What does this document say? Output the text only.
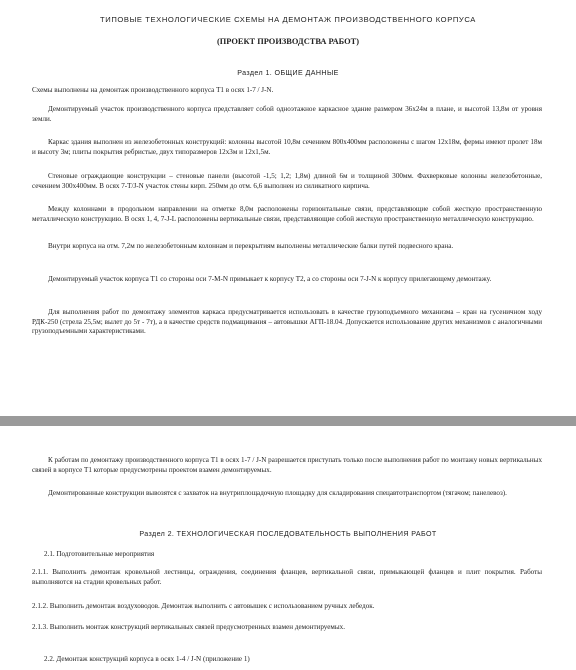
ТИПОВЫЕ ТЕХНОЛОГИЧЕСКИЕ СХЕМЫ НА ДЕМОНТАЖ ПРОИЗВОДСТВЕННОГО КОРПУСА
(ПРОЕКТ ПРОИЗВОДСТВА РАБОТ)
Раздел 1. ОБЩИЕ ДАННЫЕ
Схемы выполнены на демонтаж производственного корпуса Т1 в осях 1-7 / J-N.
Демонтируемый участок производственного корпуса представляет собой одноэтажное каркасное здание размером 36х24м в плане, и высотой 13,8м от уровня земли.
Каркас здания выполнен из железобетонных конструкций: колонны высотой 10,8м сечением 800х400мм расположены с шагом 12х18м, фермы имеют пролет 18м и высоту 3м; плиты покрытия ребристые, двух типоразмеров 12х3м и 12х1,5м.
Стеновые ограждающие конструкции – стеновые панели (высотой -1,5; 1,2; 1,8м) длиной 6м и толщиной 300мм. Фахверковые колонны железобетонные, сечением 300х400мм. В осях 7-Т/J-N участок стены кирп. 250мм до отм. 6,6 выполнен из силикатного кирпича.
Между колоннами в продольном направлении на отметке 8,0м расположены горизонтальные связи, представляющие собой жесткую пространственную металлическую конструкцию. В осях 1, 4, 7-J-L расположены вертикальные связи, представляющие собой жесткую пространственную металлическую конструкцию.
Внутри корпуса на отм. 7,2м по железобетонным колоннам и перекрытиям выполнены металлические балки путей подвесного крана.
Демонтируемый участок корпуса Т1 со стороны оси 7-М-N примыкает к корпусу Т2, а со стороны оси 7-J-N к корпусу прилегающему демонтажу.
Для выполнения работ по демонтажу элементов каркаса предусматривается использовать в качестве грузоподъемного механизма – кран на гусеничном ходу РДК-250 (стрела 25,5м; вылет до 5т - 7т), а в качестве средств подмащивания – автовышки АГП-18.04. Допускается использование других механизмов с аналогичными грузоподъемными характеристиками.
К работам по демонтажу производственного корпуса Т1 в осях 1-7 / J-N разрешается приступать только после выполнения работ по монтажу новых вертикальных связей в корпусе Т1 которые предусмотрены проектом взамен демонтируемых.
Демонтированные конструкции вывозятся с захваток на внутриплощадочную площадку для складирования спецавтотранспортом (тягачом; панелевоз).
Раздел 2. ТЕХНОЛОГИЧЕСКАЯ ПОСЛЕДОВАТЕЛЬНОСТЬ ВЫПОЛНЕНИЯ РАБОТ
2.1. Подготовительные мероприятия
2.1.1. Выполнить демонтаж кровельной лестницы, ограждения, соединения фланцев, вертикальной связи, примыкающей фланцев и плит покрытия. Работы выполняются на стадии кровельных работ.
2.1.2. Выполнить демонтаж воздуховодов. Демонтаж выполнить с автовышек с использованием ручных лебедок.
2.1.3. Выполнить монтаж конструкций вертикальных связей предусмотренных взамен демонтируемых.
2.2. Демонтаж конструкций корпуса в осях 1-4 / J-N (приложение 1)
